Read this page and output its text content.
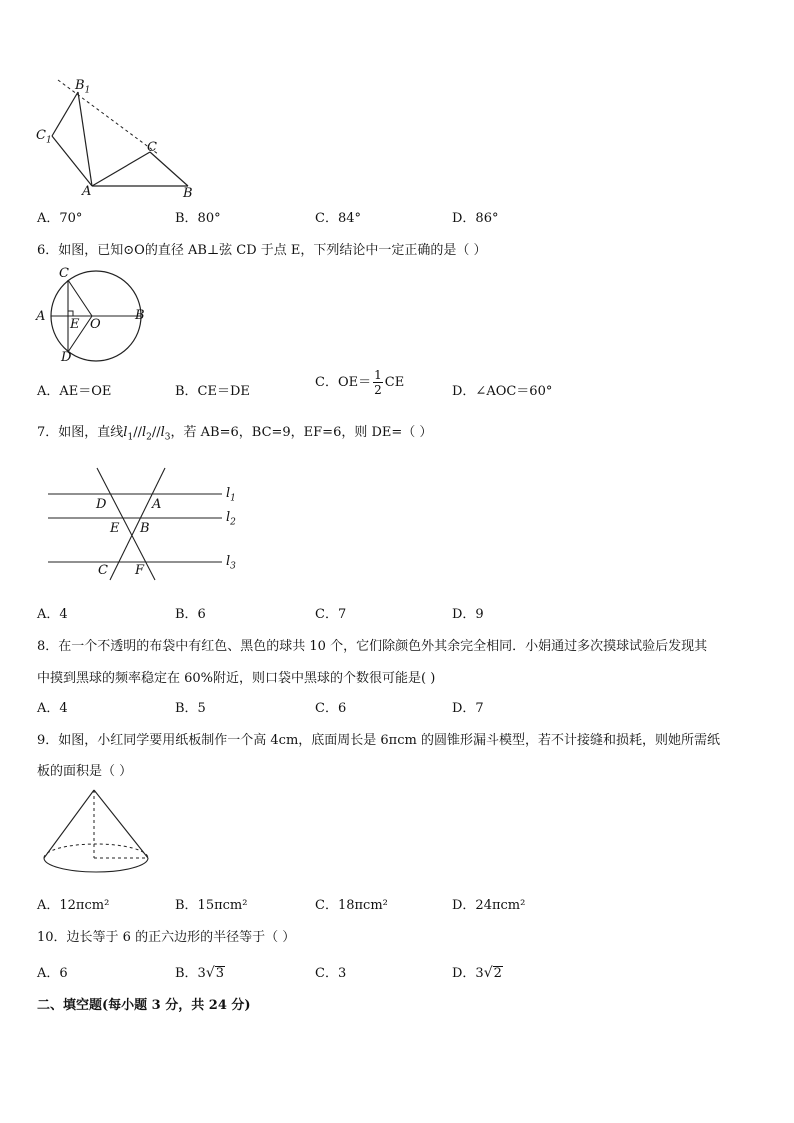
$B_1$
$C_1$	C
A	B
A．70°	B．80°	C．84°	D．86°
6．如图，已知⊙O的直径 AB⊥弦 CD 于点 E，下列结论中一定正确的是（ ）
C
A
E O
B
D
A．AE＝OE	B．CE＝DE
C．$OE= \frac{1}{2}$ CE
D．∠AOC＝60°
7．如图，直线$l_1//l_2//l_3$，若 AB=6，BC=9，EF=6，则 DE=（ ）
D	A
E B
C F
$l_1$
$l_2$
$l_3$
A．4	B．6	C．7	D．9
8．在一个不透明的布袋中有红色、黑色的球共 10 个，它们除颜色外其余完全相同．小娟通过多次摸球试验后发现其
中摸到黑球的频率稳定在 60%附近，则口袋中黑球的个数很可能是( )
A．4	B．5	C．6	D．7
9．如图，小红同学要用纸板制作一个高 4cm，底面周长是 6πcm 的圆锥形漏斗模型，若不计接缝和损耗，则她所需纸
板的面积是（ ）
A．12πcm²	B．15πcm²	C．18πcm²	D．24πcm²
10．边长等于 6 的正六边形的半径等于（ ）
A．6	B．3√3	C．3	D．3√2
二、填空题(每小题 3 分，共 24 分)
